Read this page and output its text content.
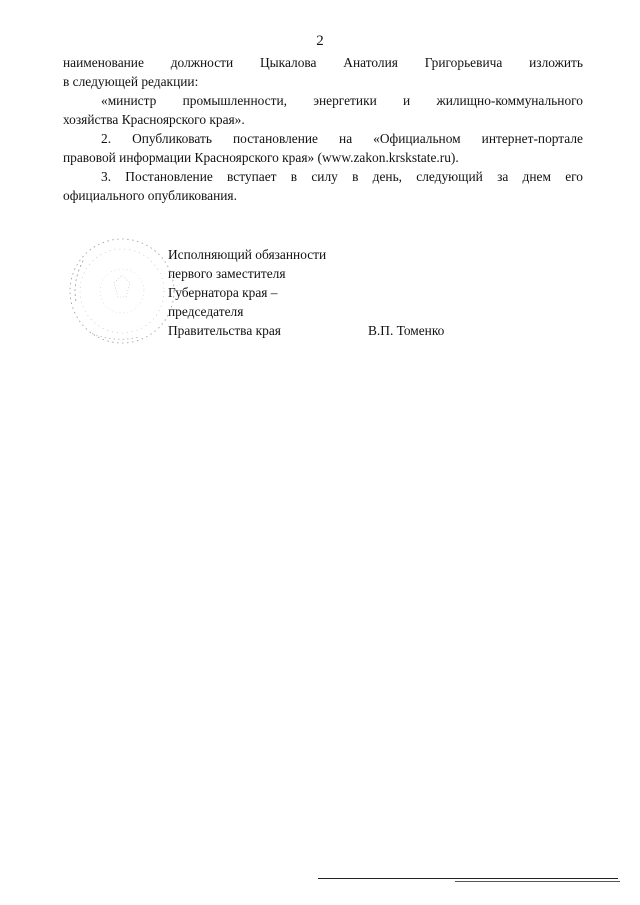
2

наименование должности Цыкалова Анатолия Григорьевича изложить

в следующей редакции:

«министр промышленности, энергетики и жилищно-коммунального

хозяйства Красноярского края».

2. Опубликовать постановление на «Официальном интернет-портале

правовой информации Красноярского края» (www.zakon.krskstate.ru).

3. Постановление вступает в силу в день, следующий за днем его

официального опубликования.

Исполняющий обязанности
первого заместителя
Губернатора края –
председателя
Правительства края	В.П. Томенко
